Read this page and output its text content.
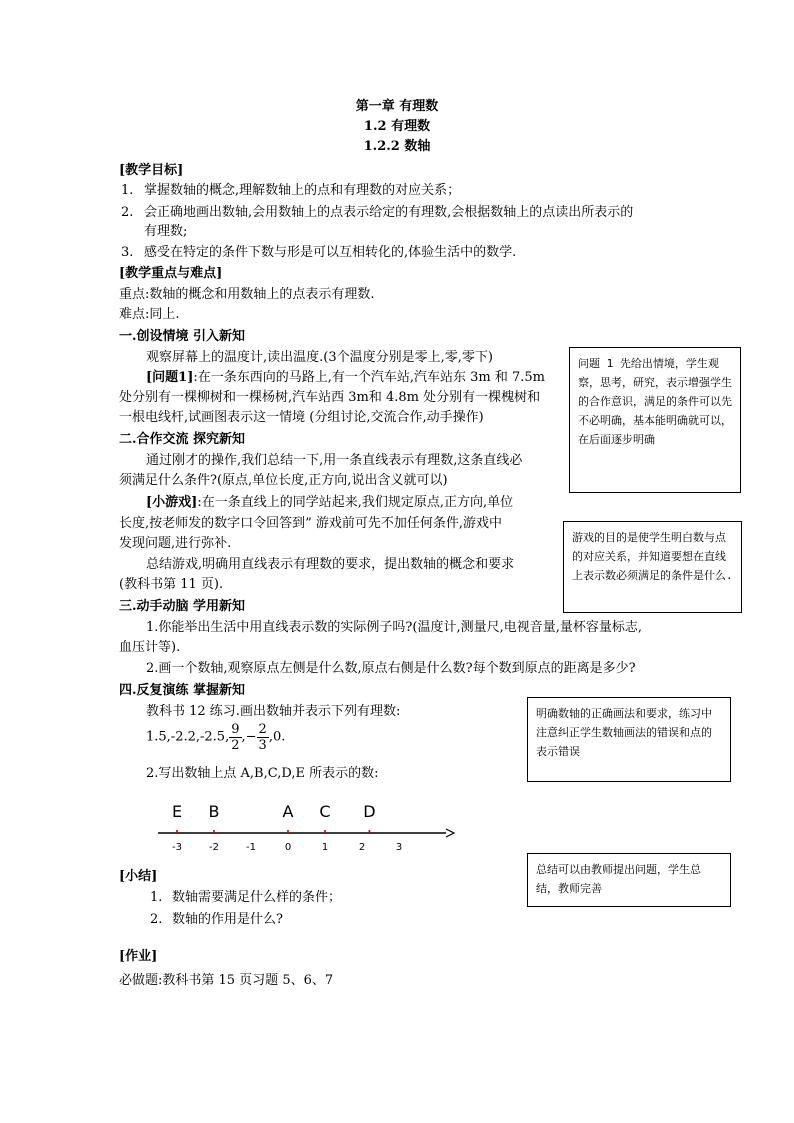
第一章 有理数
1.2 有理数
1.2.2 数轴
[教学目标]
1. 掌握数轴的概念,理解数轴上的点和有理数的对应关系；
2. 会正确地画出数轴,会用数轴上的点表示给定的有理数,会根据数轴上的点读出所表示的
有理数;
3. 感受在特定的条件下数与形是可以互相转化的,体验生活中的数学.
[教学重点与难点]
重点:数轴的概念和用数轴上的点表示有理数.
难点:同上.
一.创设情境 引入新知
观察屏幕上的温度计,读出温度.(3个温度分别是零上,零,零下)
[问题1]:在一条东西向的马路上,有一个汽车站,汽车站东 3m 和 7.5m
处分别有一棵柳树和一棵杨树,汽车站西 3m和 4.8m 处分别有一棵槐树和
一根电线杆,试画图表示这一情境 (分组讨论,交流合作,动手操作)
二.合作交流 探究新知
通过刚才的操作,我们总结一下,用一条直线表示有理数,这条直线必
须满足什么条件?(原点,单位长度,正方向,说出含义就可以)
[小游戏]:在一条直线上的同学站起来,我们规定原点,正方向,单位
长度,按老师发的数字口令回答到” 游戏前可先不加任何条件,游戏中
发现问题,进行弥补.
总结游戏,明确用直线表示有理数的要求，提出数轴的概念和要求
(教科书第 11 页).
三.动手动脑 学用新知
1.你能举出生活中用直线表示数的实际例子吗?(温度计,测量尺,电视音量,量杯容量标志,
血压计等).
2.画一个数轴,观察原点左侧是什么数,原点右侧是什么数?每个数到原点的距离是多少?
四.反复演练 掌握新知
教科书 12 练习.画出数轴并表示下列有理数:
1.5,-2.2,-2.5, $\frac{9}{2}$ ,− $\frac{2}{3} ,0$.
2.写出数轴上点 A,B,C,D,E 所表示的数:
-3	-2	-1	0	1	2	3
E B	A C D
[小结]
1. 数轴需要满足什么样的条件；
2. 数轴的作用是什么?
[作业]
必做题:教科书第 15 页习题 5、6、7
问题 1 先给出情境，学生观察，思考，研究，表示增强学生的合作意识，满足的条件可以先不必明确，基本能明确就可以，在后面逐步明确
游戏的目的是使学生明白数与点的对应关系，并知道要想在直线上表示数必须满足的条件是什么.
明确数轴的正确画法和要求，练习中注意纠正学生数轴画法的错误和点的表示错误
总结可以由教师提出问题，学生总结，教师完善
